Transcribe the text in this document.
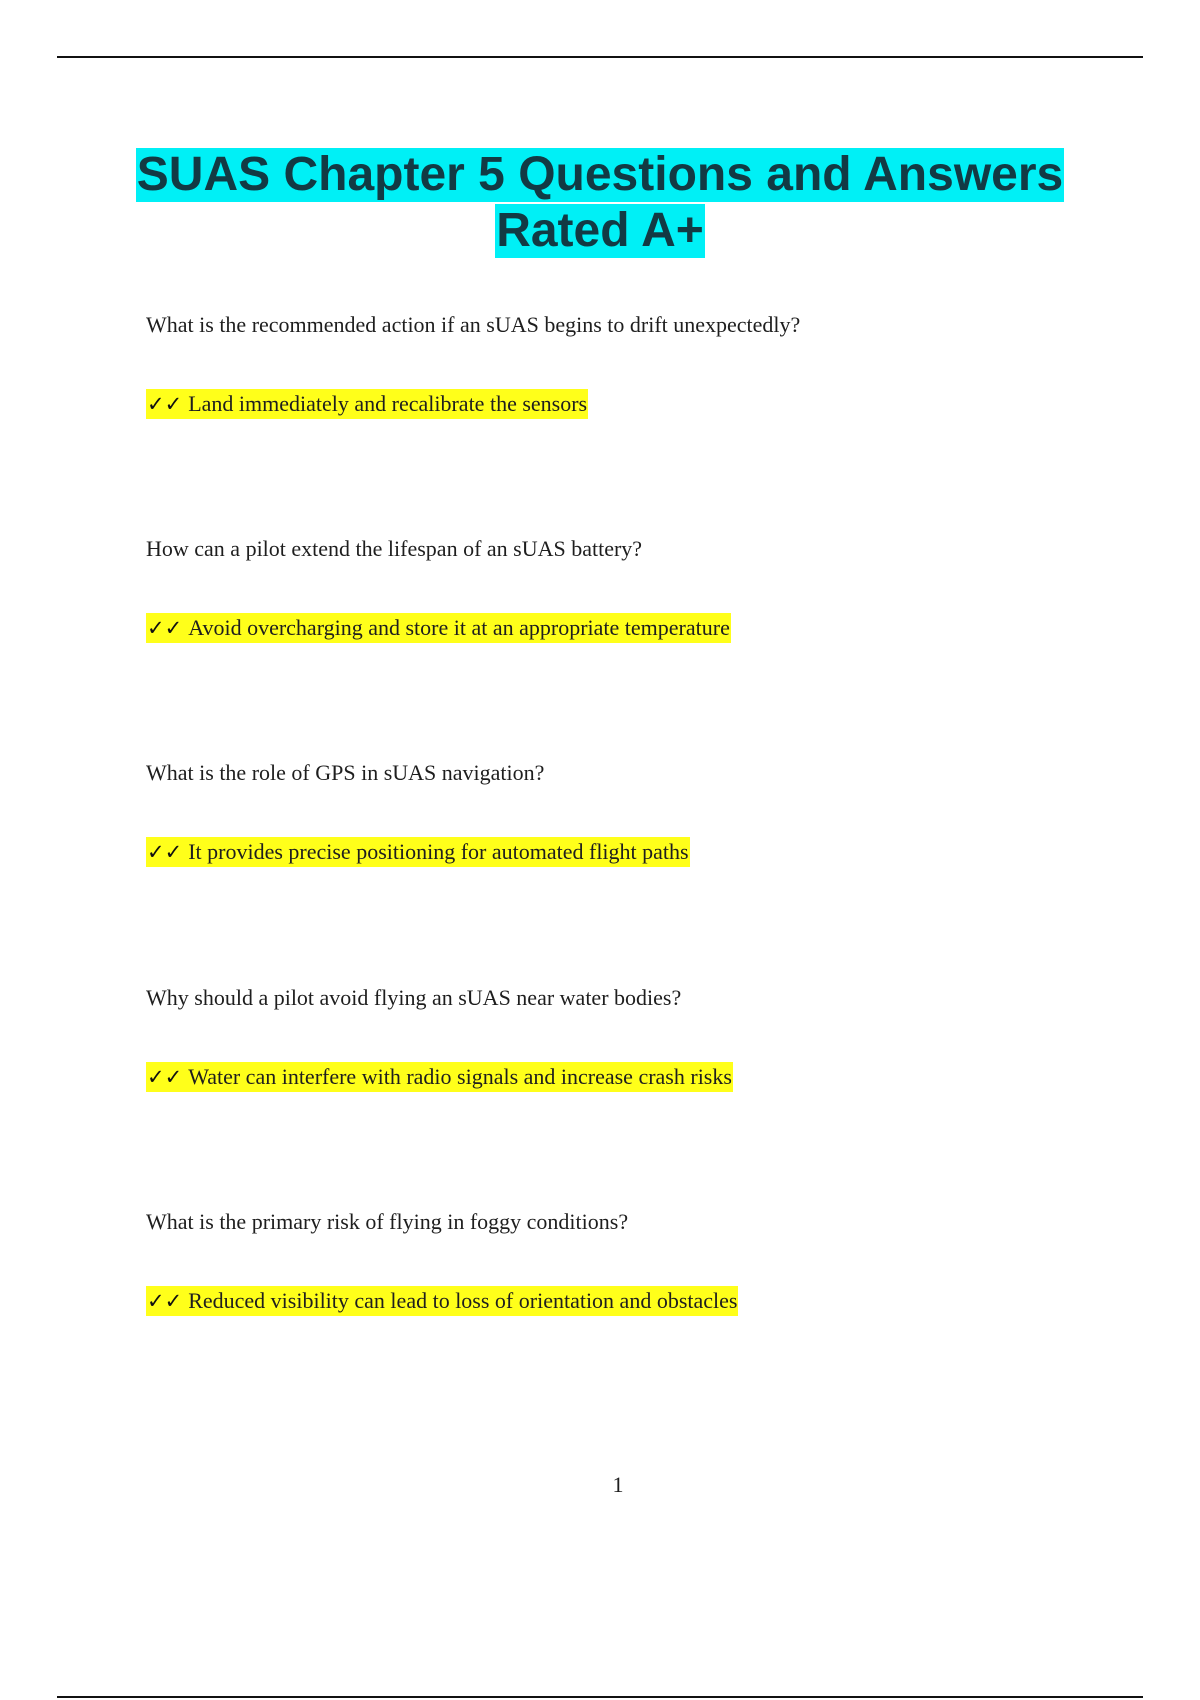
SUAS Chapter 5 Questions and Answers
Rated A+
What is the recommended action if an sUAS begins to drift unexpectedly?
✓✓ Land immediately and recalibrate the sensors
How can a pilot extend the lifespan of an sUAS battery?
✓✓ Avoid overcharging and store it at an appropriate temperature
What is the role of GPS in sUAS navigation?
✓✓ It provides precise positioning for automated flight paths
Why should a pilot avoid flying an sUAS near water bodies?
✓✓ Water can interfere with radio signals and increase crash risks
What is the primary risk of flying in foggy conditions?
✓✓ Reduced visibility can lead to loss of orientation and obstacles
1
